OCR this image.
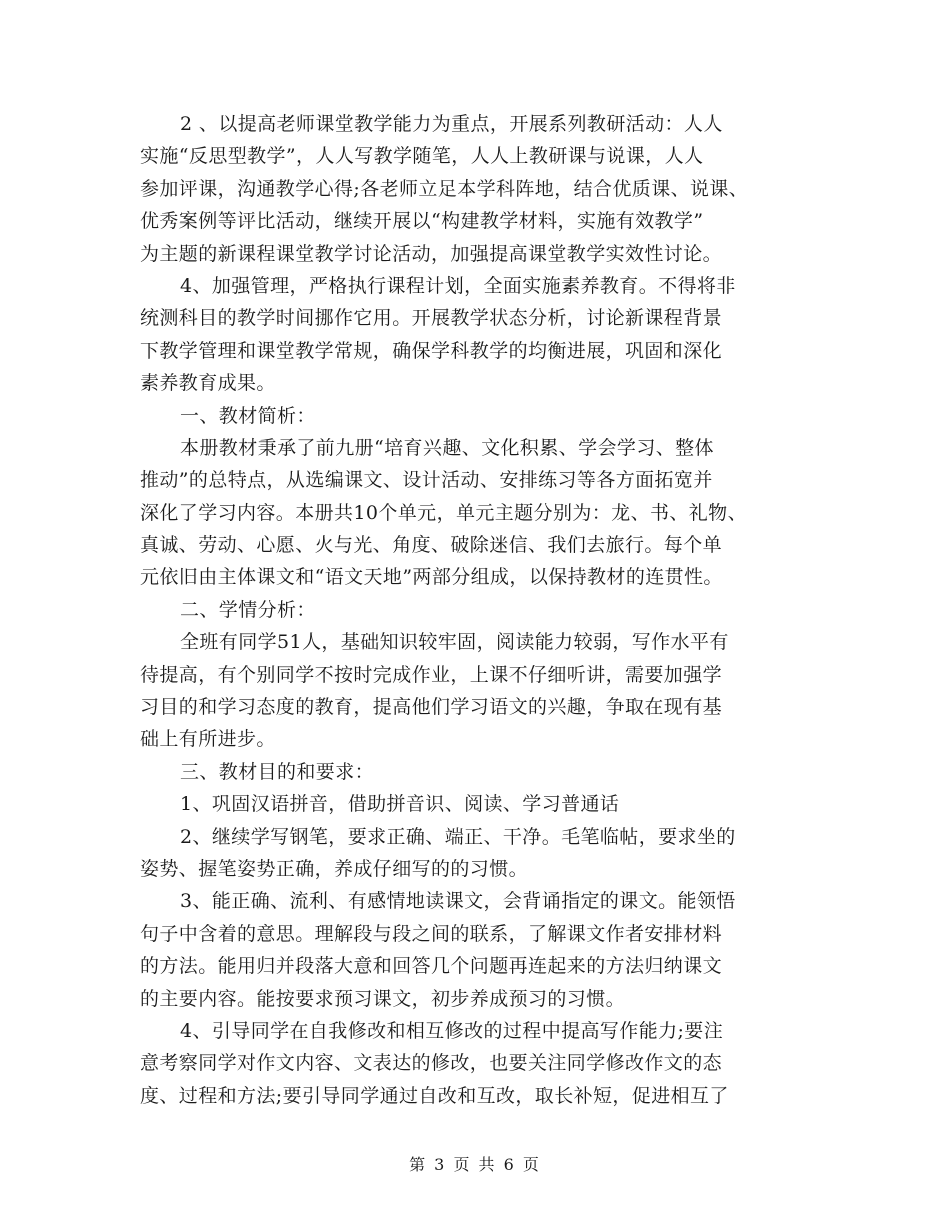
2 、以提高老师课堂教学能力为重点，开展系列教研活动：人人
实施“反思型教学”，人人写教学随笔，人人上教研课与说课，人人
参加评课，沟通教学心得;各老师立足本学科阵地，结合优质课、说课、
优秀案例等评比活动，继续开展以“构建教学材料，实施有效教学”
为主题的新课程课堂教学讨论活动，加强提高课堂教学实效性讨论。
4、加强管理，严格执行课程计划，全面实施素养教育。不得将非
统测科目的教学时间挪作它用。开展教学状态分析，讨论新课程背景
下教学管理和课堂教学常规，确保学科教学的均衡进展，巩固和深化
素养教育成果。
一、教材简析：
本册教材秉承了前九册“培育兴趣、文化积累、学会学习、整体
推动”的总特点，从选编课文、设计活动、安排练习等各方面拓宽并
深化了学习内容。本册共10个单元，单元主题分别为：龙、书、礼物、
真诚、劳动、心愿、火与光、角度、破除迷信、我们去旅行。每个单
元依旧由主体课文和“语文天地”两部分组成，以保持教材的连贯性。
二、学情分析：
全班有同学51人，基础知识较牢固，阅读能力较弱，写作水平有
待提高，有个别同学不按时完成作业，上课不仔细听讲，需要加强学
习目的和学习态度的教育，提高他们学习语文的兴趣，争取在现有基
础上有所进步。
三、教材目的和要求：
1、巩固汉语拼音，借助拼音识、阅读、学习普通话
2、继续学写钢笔，要求正确、端正、干净。毛笔临帖，要求坐的
姿势、握笔姿势正确，养成仔细写的的习惯。
3、能正确、流利、有感情地读课文，会背诵指定的课文。能领悟
句子中含着的意思。理解段与段之间的联系，了解课文作者安排材料
的方法。能用归并段落大意和回答几个问题再连起来的方法归纳课文
的主要内容。能按要求预习课文，初步养成预习的习惯。
4、引导同学在自我修改和相互修改的过程中提高写作能力;要注
意考察同学对作文内容、文表达的修改，也要关注同学修改作文的态
度、过程和方法;要引导同学通过自改和互改，取长补短，促进相互了
第 3 页 共 6 页
